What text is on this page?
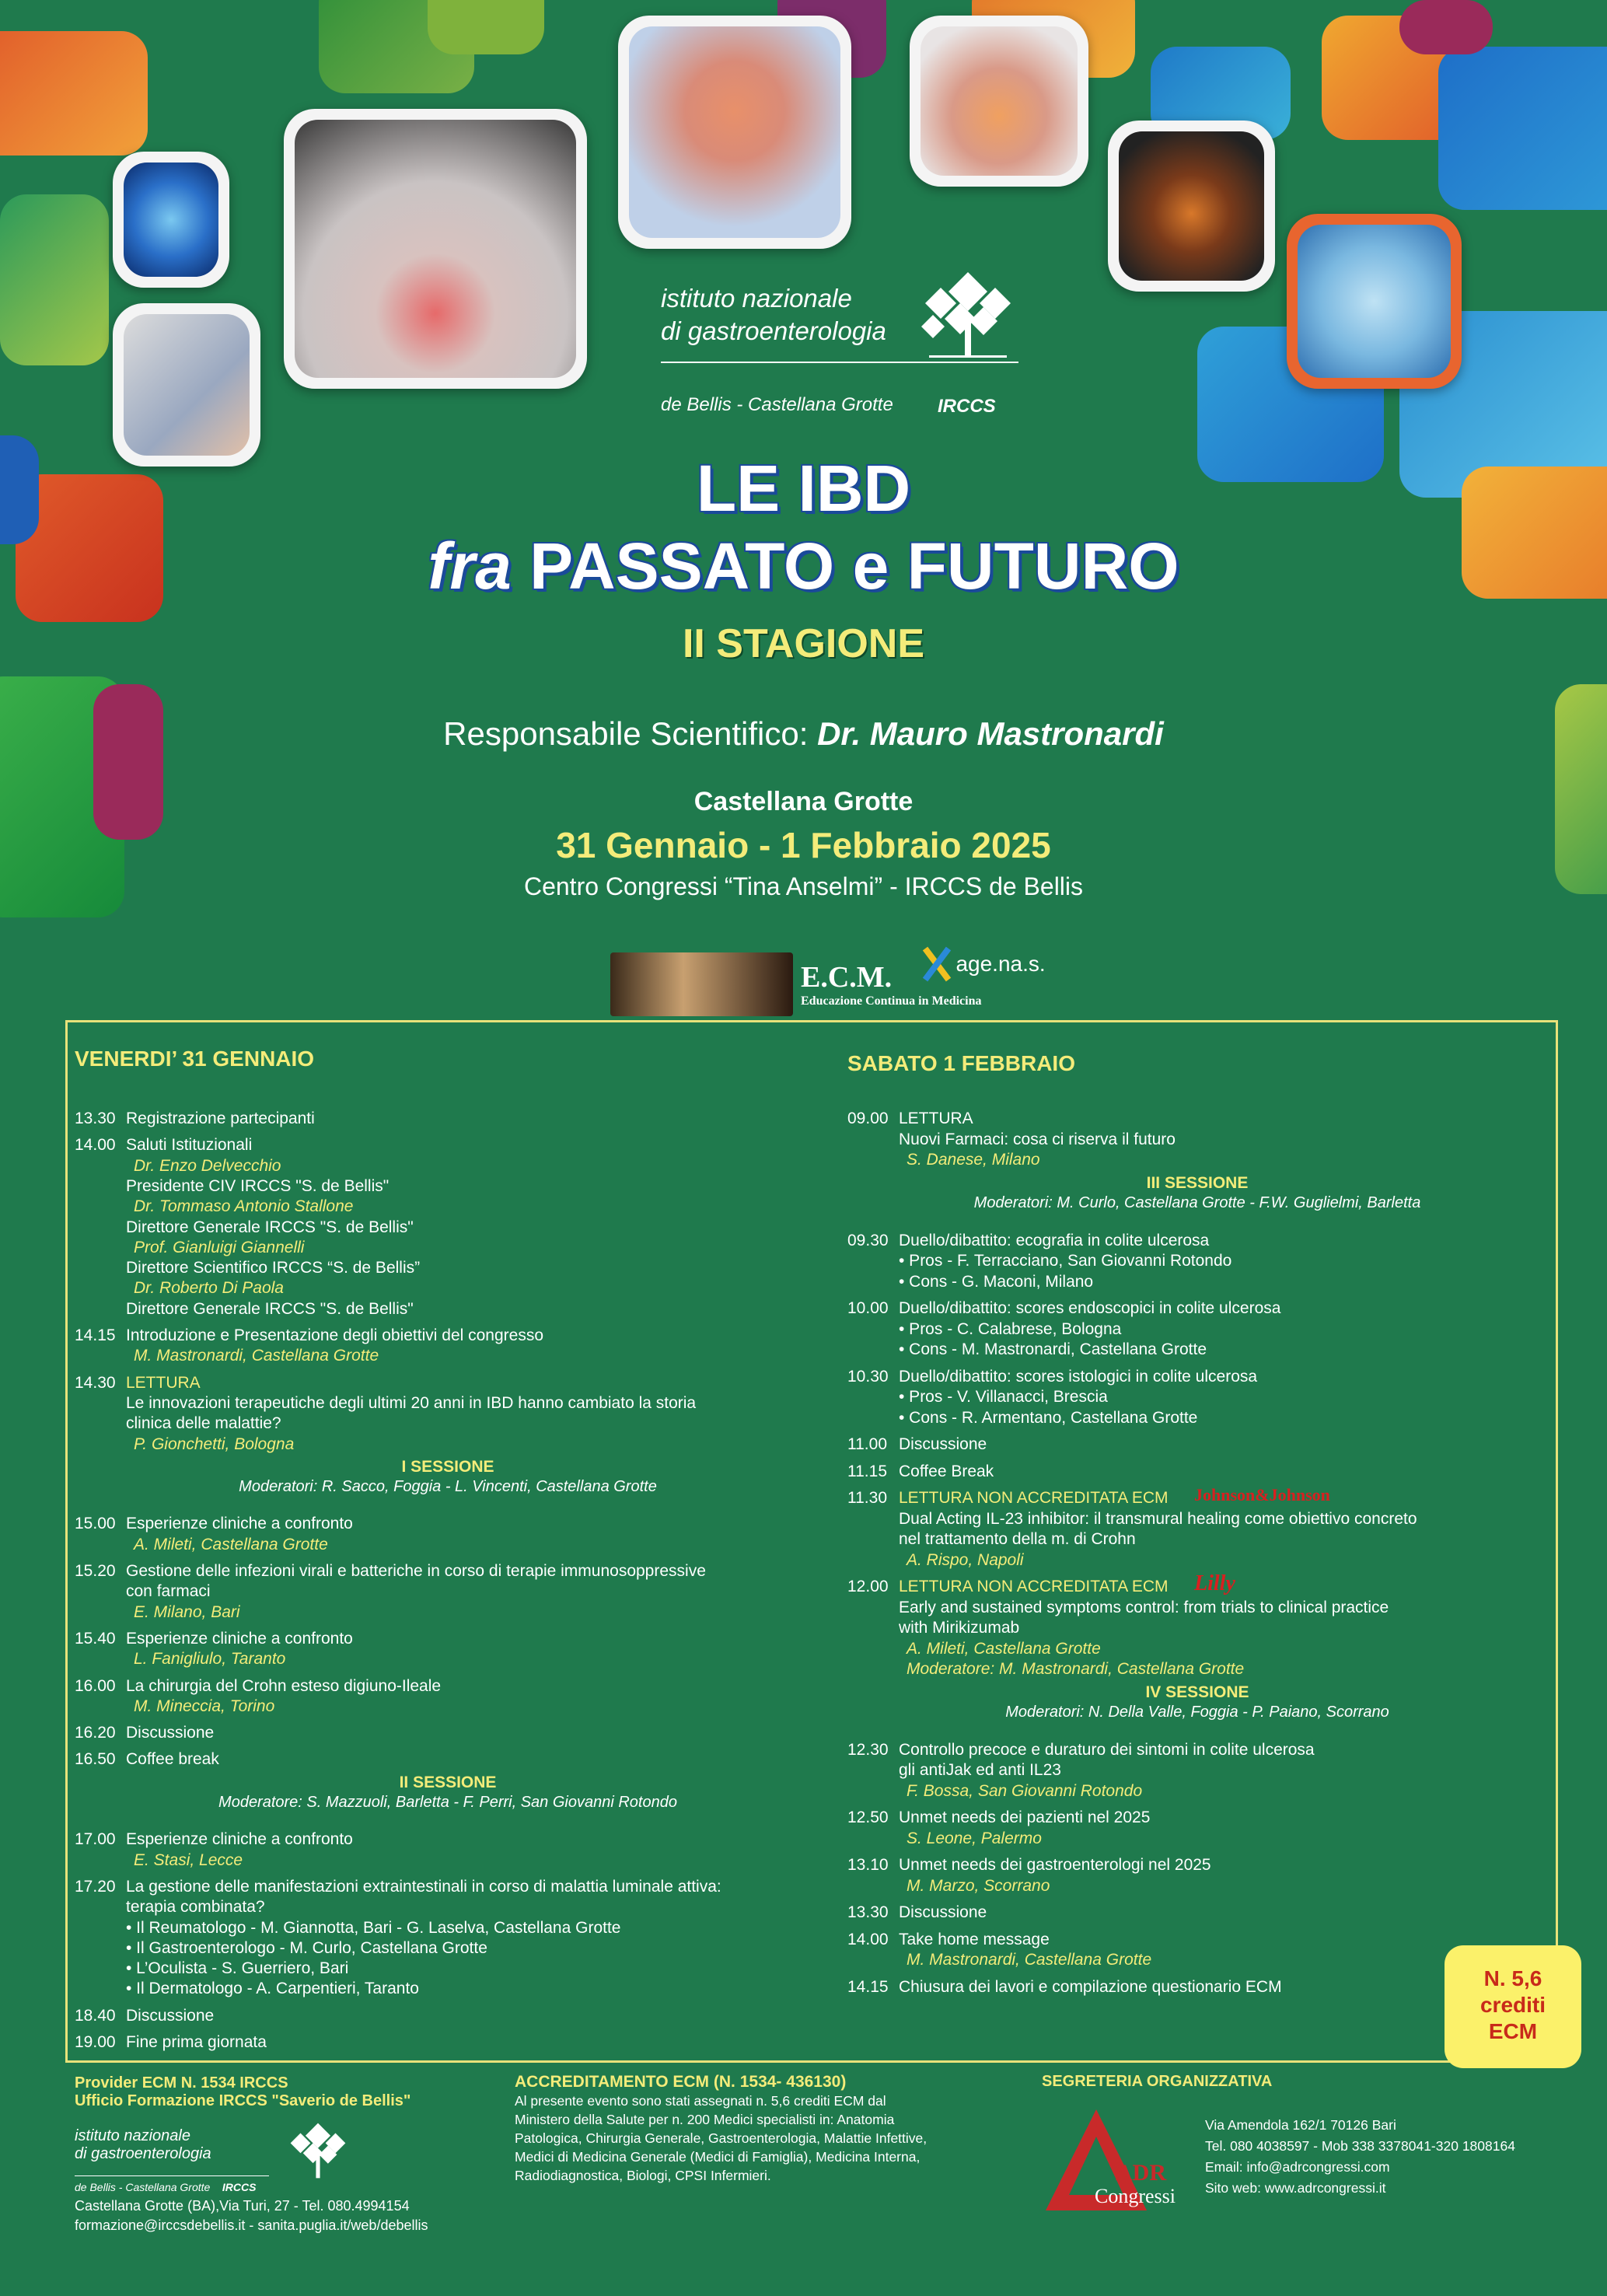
istituto nazionale
di gastroenterologia
de Bellis - Castellana Grotte IRCCS
LE IBD
fra PASSATO e FUTURO
II STAGIONE
Responsabile Scientifico: Dr. Mauro Mastronardi
Castellana Grotte
31 Gennaio - 1 Febbraio 2025
Centro Congressi “Tina Anselmi” - IRCCS de Bellis
E.C.M.
Educazione Continua in Medicina
age.na.s.
VENERDI’ 31 GENNAIO	SABATO 1 FEBBRAIO
13.30 Registrazione partecipanti
14.00 Saluti Istituzionali
Dr. Enzo Delvecchio
Presidente CIV IRCCS "S. de Bellis"
Dr. Tommaso Antonio Stallone
Direttore Generale IRCCS "S. de Bellis"
Prof. Gianluigi Giannelli
Direttore Scientifico IRCCS “S. de Bellis”
Dr. Roberto Di Paola
Direttore Generale IRCCS "S. de Bellis"
14.15 Introduzione e Presentazione degli obiettivi del congresso
M. Mastronardi, Castellana Grotte
14.30 LETTURA
Le innovazioni terapeutiche degli ultimi 20 anni in IBD hanno cambiato la storia
clinica delle malattie?
P. Gionchetti, Bologna
I SESSIONE
Moderatori: R. Sacco, Foggia - L. Vincenti, Castellana Grotte
15.00 Esperienze cliniche a confronto
A. Mileti, Castellana Grotte
15.20 Gestione delle infezioni virali e batteriche in corso di terapie immunosoppressive
con farmaci
E. Milano, Bari
15.40 Esperienze cliniche a confronto
L. Fanigliulo, Taranto
16.00 La chirurgia del Crohn esteso digiuno-Ileale
M. Mineccia, Torino
16.20 Discussione
16.50 Coffee break
II SESSIONE
Moderatore: S. Mazzuoli, Barletta - F. Perri, San Giovanni Rotondo
17.00 Esperienze cliniche a confronto
E. Stasi, Lecce
17.20 La gestione delle manifestazioni extraintestinali in corso di malattia luminale attiva:
terapia combinata?
• Il Reumatologo - M. Giannotta, Bari - G. Laselva, Castellana Grotte
• Il Gastroenterologo - M. Curlo, Castellana Grotte
• L’Oculista - S. Guerriero, Bari
• Il Dermatologo - A. Carpentieri, Taranto
18.40 Discussione
19.00 Fine prima giornata
09.00 LETTURA
Nuovi Farmaci: cosa ci riserva il futuro
S. Danese, Milano
III SESSIONE
Moderatori: M. Curlo, Castellana Grotte - F.W. Guglielmi, Barletta
09.30 Duello/dibattito: ecografia in colite ulcerosa
• Pros - F. Terracciano, San Giovanni Rotondo
• Cons - G. Maconi, Milano
10.00 Duello/dibattito: scores endoscopici in colite ulcerosa
• Pros - C. Calabrese, Bologna
• Cons - M. Mastronardi, Castellana Grotte
10.30 Duello/dibattito: scores istologici in colite ulcerosa
• Pros - V. Villanacci, Brescia
• Cons - R. Armentano, Castellana Grotte
11.00 Discussione
11.15 Coffee Break
11.30 LETTURA NON ACCREDITATA ECM Johnson&Johnson
Dual Acting IL-23 inhibitor: il transmural healing come obiettivo concreto
nel trattamento della m. di Crohn
A. Rispo, Napoli
12.00 LETTURA NON ACCREDITATA ECM Lilly
Early and sustained symptoms control: from trials to clinical practice
with Mirikizumab
A. Mileti, Castellana Grotte
Moderatore: M. Mastronardi, Castellana Grotte
IV SESSIONE
Moderatori: N. Della Valle, Foggia - P. Paiano, Scorrano
12.30 Controllo precoce e duraturo dei sintomi in colite ulcerosa
gli antiJak ed anti IL23
F. Bossa, San Giovanni Rotondo
12.50 Unmet needs dei pazienti nel 2025
S. Leone, Palermo
13.10 Unmet needs dei gastroenterologi nel 2025
M. Marzo, Scorrano
13.30 Discussione
14.00 Take home message
M. Mastronardi, Castellana Grotte
14.15 Chiusura dei lavori e compilazione questionario ECM	N. 5,6
crediti
ECM
Provider ECM N. 1534 IRCCS
Ufficio Formazione IRCCS "Saverio de Bellis"
istituto nazionale
di gastroenterologia
de Bellis - Castellana Grotte IRCCS
Castellana Grotte (BA),Via Turi, 27 - Tel. 080.4994154
formazione@irccsdebellis.it - sanita.puglia.it/web/debellis
ACCREDITAMENTO ECM (N. 1534- 436130)
Al presente evento sono stati assegnati n. 5,6 crediti ECM dal
Ministero della Salute per n. 200 Medici specialisti in: Anatomia
Patologica, Chirurgia Generale, Gastroenterologia, Malattie Infettive,
Medici di Medicina Generale (Medici di Famiglia), Medicina Interna,
Radiodiagnostica, Biologi, CPSI Infermieri.
SEGRETERIA ORGANIZZATIVA
ADR
Congressi
Via Amendola 162/1 70126 Bari
Tel. 080 4038597 - Mob 338 3378041-320 1808164
Email: info@adrcongressi.com
Sito web: www.adrcongressi.it
